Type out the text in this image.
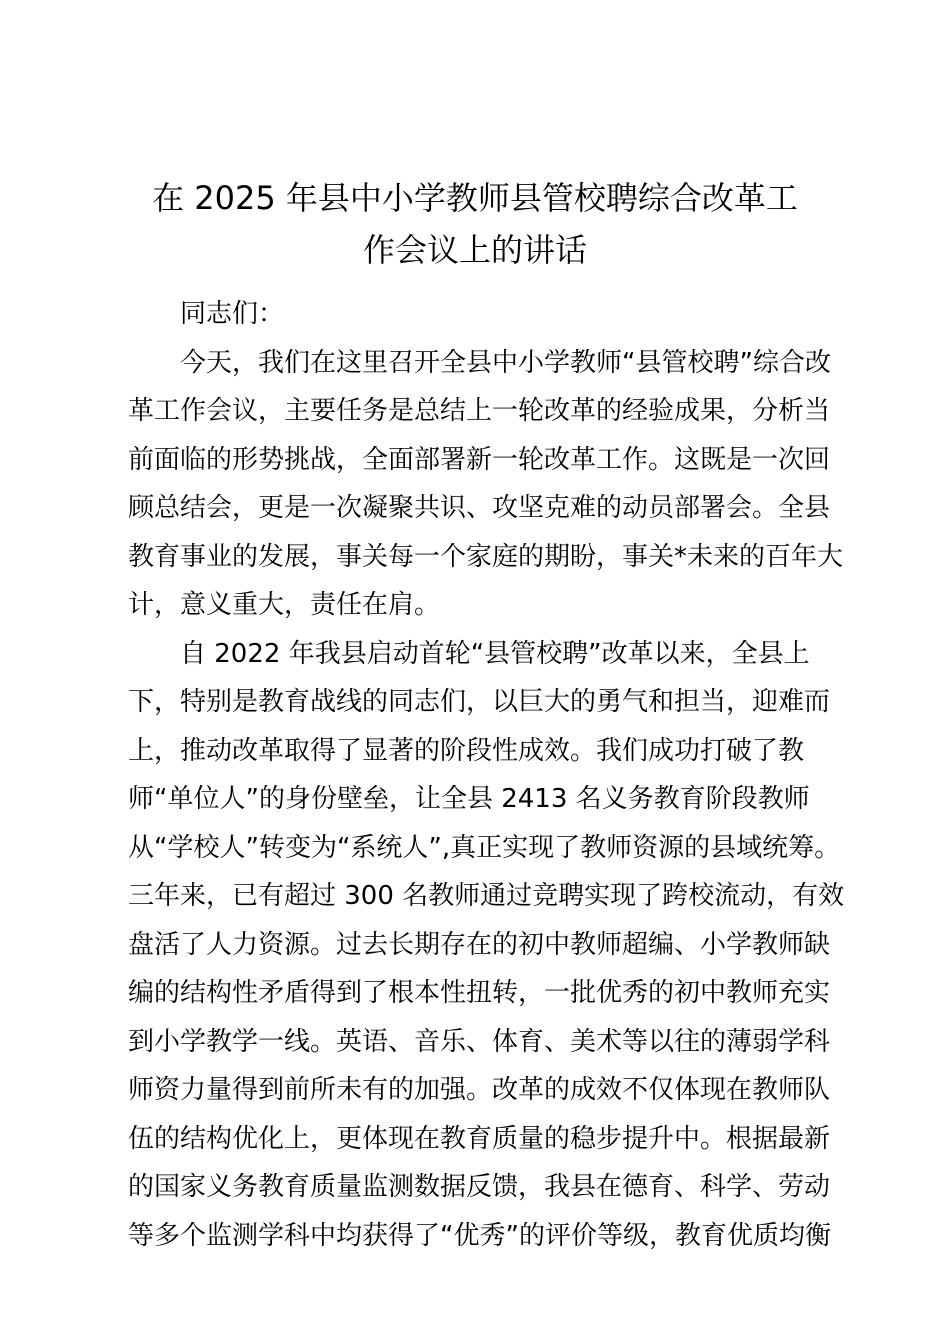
在 2025 年县中小学教师县管校聘综合改革工
作会议上的讲话
同志们：
今天，我们在这里召开全县中小学教师“县管校聘”综合改
革工作会议，主要任务是总结上一轮改革的经验成果，分析当
前面临的形势挑战，全面部署新一轮改革工作。这既是一次回
顾总结会，更是一次凝聚共识、攻坚克难的动员部署会。全县
教育事业的发展，事关每一个家庭的期盼，事关*未来的百年大
计，意义重大，责任在肩。
自 2022 年我县启动首轮“县管校聘”改革以来，全县上
下，特别是教育战线的同志们，以巨大的勇气和担当，迎难而
上，推动改革取得了显著的阶段性成效。我们成功打破了教
师“单位人”的身份壁垒，让全县 2413 名义务教育阶段教师
从“学校人”转变为“系统人”,真正实现了教师资源的县域统筹。
三年来，已有超过 300 名教师通过竞聘实现了跨校流动，有效
盘活了人力资源。过去长期存在的初中教师超编、小学教师缺
编的结构性矛盾得到了根本性扭转，一批优秀的初中教师充实
到小学教学一线。英语、音乐、体育、美术等以往的薄弱学科
师资力量得到前所未有的加强。改革的成效不仅体现在教师队
伍的结构优化上，更体现在教育质量的稳步提升中。根据最新
的国家义务教育质量监测数据反馈，我县在德育、科学、劳动
等多个监测学科中均获得了“优秀”的评价等级，教育优质均衡
